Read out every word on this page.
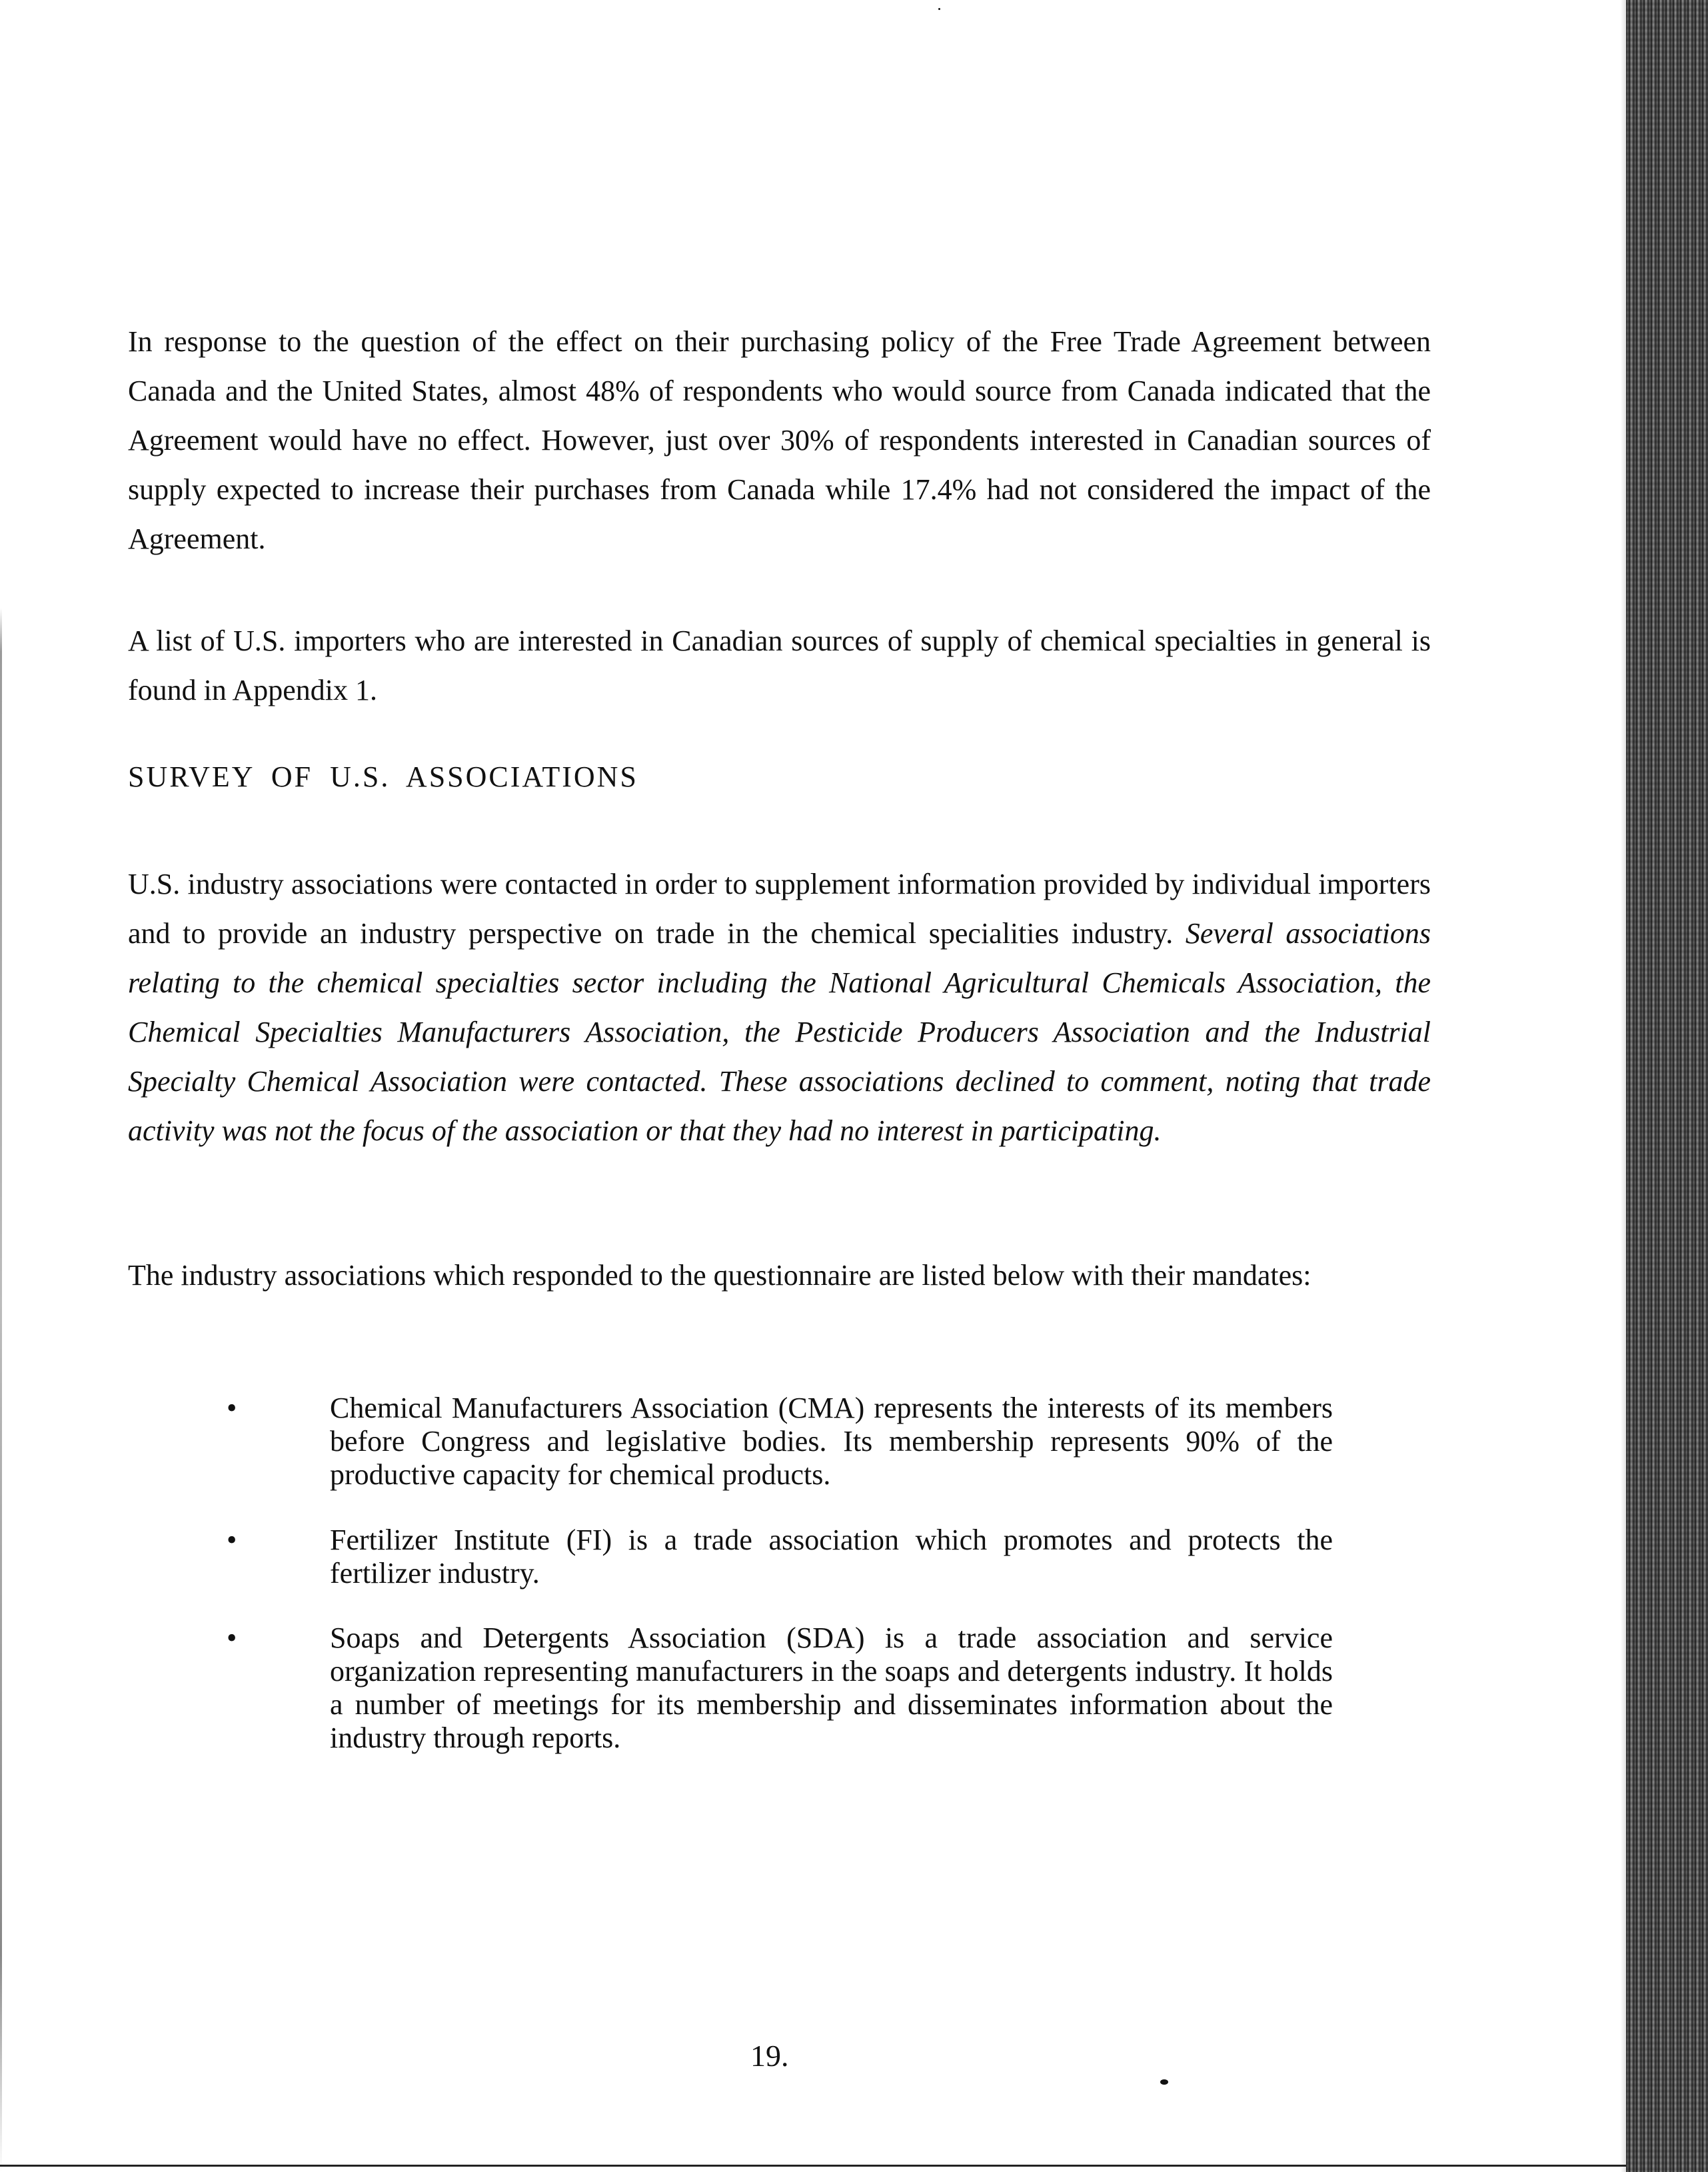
In response to the question of the effect on their purchasing policy of the Free Trade Agreement between Canada and the United States, almost 48% of respondents who would source from Canada indicated that the Agreement would have no effect. However, just over 30% of respondents interested in Canadian sources of supply expected to increase their purchases from Canada while 17.4% had not considered the impact of the Agreement.

A list of U.S. importers who are interested in Canadian sources of supply of chemical specialties in general is found in Appendix 1.

SURVEY OF U.S. ASSOCIATIONS

U.S. industry associations were contacted in order to supplement information provided by individual importers and to provide an industry perspective on trade in the chemical specialities industry. Several associations relating to the chemical specialties sector including the National Agricultural Chemicals Association, the Chemical Specialties Manufacturers Association, the Pesticide Producers Association and the Industrial Specialty Chemical Association were contacted. These associations declined to comment, noting that trade activity was not the focus of the association or that they had no interest in participating.

The industry associations which responded to the questionnaire are listed below with their mandates:

•	Chemical Manufacturers Association (CMA) represents the interests of its members before Congress and legislative bodies. Its membership represents 90% of the productive capacity for chemical products.
•	Fertilizer Institute (FI) is a trade association which promotes and protects the fertilizer industry.
•	Soaps and Detergents Association (SDA) is a trade association and service organization representing manufacturers in the soaps and detergents industry. It holds a number of meetings for its membership and disseminates information about the industry through reports.
19.
